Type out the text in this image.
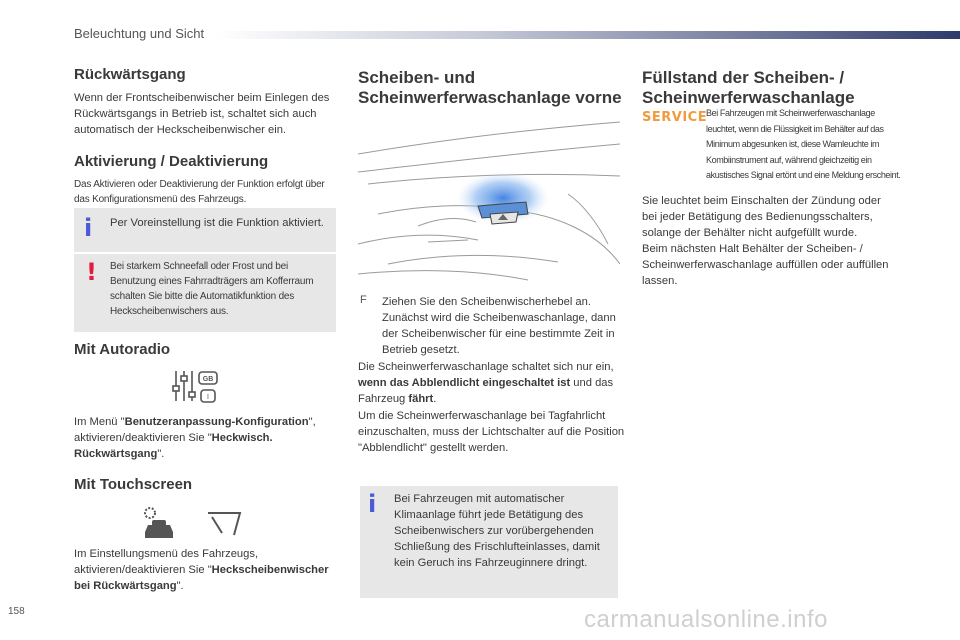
Beleuchtung und Sicht
Rückwärtsgang

Wenn der Frontscheibenwischer beim Einlegen des Rückwärtsgangs in Betrieb ist, schaltet sich auch automatisch der Heckscheibenwischer ein.

Aktivierung / Deaktivierung

Das Aktivieren oder Deaktivierung der Funktion erfolgt über das Konfigurationsmenü des Fahrzeugs.

i Per Voreinstellung ist die Funktion aktiviert.

! Bei starkem Schneefall oder Frost und bei Benutzung eines Fahrradträgers am Kofferraum schalten Sie bitte die Automatikfunktion des Heckscheibenwischers aus.

Mit Autoradio
GB
I

Im Menü "Benutzeranpassung-Konfiguration", aktivieren/deaktivieren Sie "Heckwisch. Rückwärtsgang".

Mit Touchscreen

Im Einstellungsmenü des Fahrzeugs, aktivieren/deaktivieren Sie "Heckscheibenwischer bei Rückwärtsgang".

Scheiben- und
Scheinwerferwaschanlage vorne
F Ziehen Sie den Scheibenwischerhebel an. Zunächst wird die Scheibenwaschanlage, dann der Scheibenwischer für eine bestimmte Zeit in Betrieb gesetzt.

Die Scheinwerferwaschanlage schaltet sich nur ein, wenn das Abblendlicht eingeschaltet ist und das Fahrzeug fährt.

Um die Scheinwerferwaschanlage bei Tagfahrlicht einzuschalten, muss der Lichtschalter auf die Position "Abblendlicht" gestellt werden.

i Bei Fahrzeugen mit automatischer Klimaanlage führt jede Betätigung des Scheibenwischers zur vorübergehenden Schließung des Frischlufteinlasses, damit kein Geruch ins Fahrzeuginnere dringt.

Füllstand der Scheiben- /
Scheinwerferwaschanlage
SERVICE

Bei Fahrzeugen mit Scheinwerferwaschanlage leuchtet, wenn die Flüssigkeit im Behälter auf das Minimum abgesunken ist, diese Warnleuchte im Kombiinstrument auf, während gleichzeitig ein akustisches Signal ertönt und eine Meldung erscheint.

Sie leuchtet beim Einschalten der Zündung oder bei jeder Betätigung des Bedienungsschalters, solange der Behälter nicht aufgefüllt wurde.
Beim nächsten Halt Behälter der Scheiben- / Scheinwerferwaschanlage auffüllen oder auffüllen lassen.

158	carmanualsonline.info
